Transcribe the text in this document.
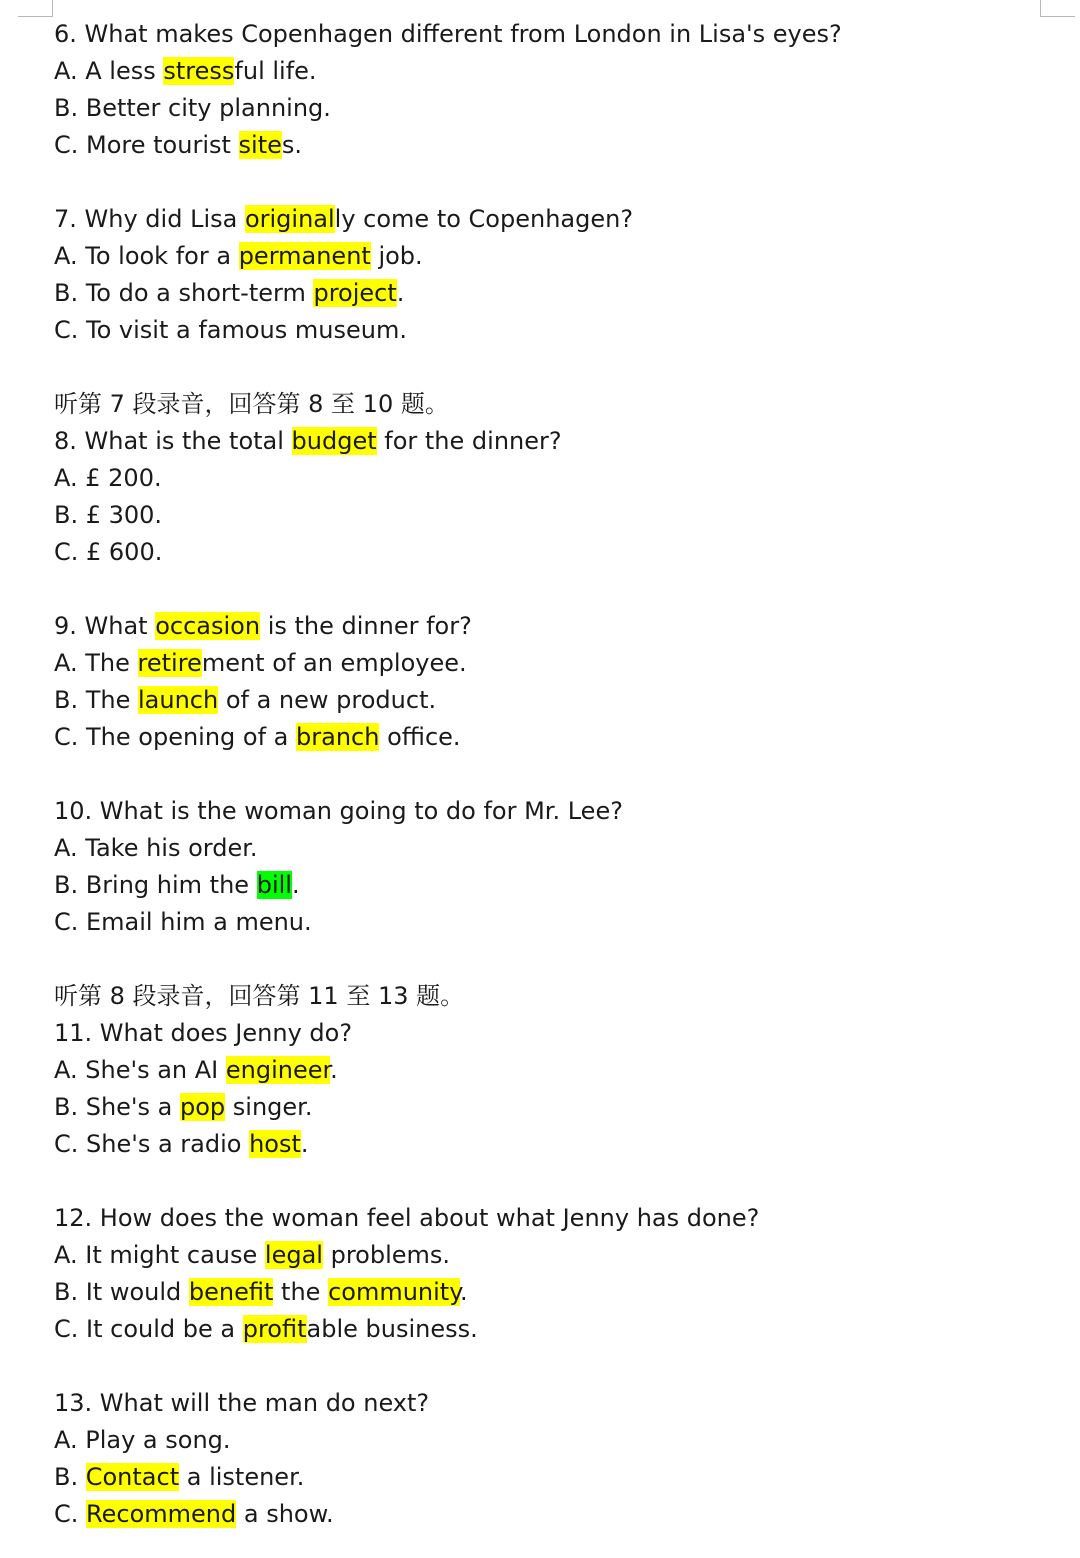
6. What makes Copenhagen different from London in Lisa's eyes?
A. A less stressful life.
B. Better city planning.
C. More tourist sites.
7. Why did Lisa originally come to Copenhagen?
A. To look for a permanent job.
B. To do a short-term project.
C. To visit a famous museum.
听第 7 段录音，回答第 8 至 10 题。
8. What is the total budget for the dinner?
A. £ 200.
B. £ 300.
C. £ 600.
9. What occasion is the dinner for?
A. The retirement of an employee.
B. The launch of a new product.
C. The opening of a branch office.
10. What is the woman going to do for Mr. Lee?
A. Take his order.
B. Bring him the bill.
C. Email him a menu.
听第 8 段录音，回答第 11 至 13 题。
11. What does Jenny do?
A. She's an AI engineer.
B. She's a pop singer.
C. She's a radio host.
12. How does the woman feel about what Jenny has done?
A. It might cause legal problems.
B. It would benefit the community.
C. It could be a profitable business.
13. What will the man do next?
A. Play a song.
B. Contact a listener.
C. Recommend a show.
